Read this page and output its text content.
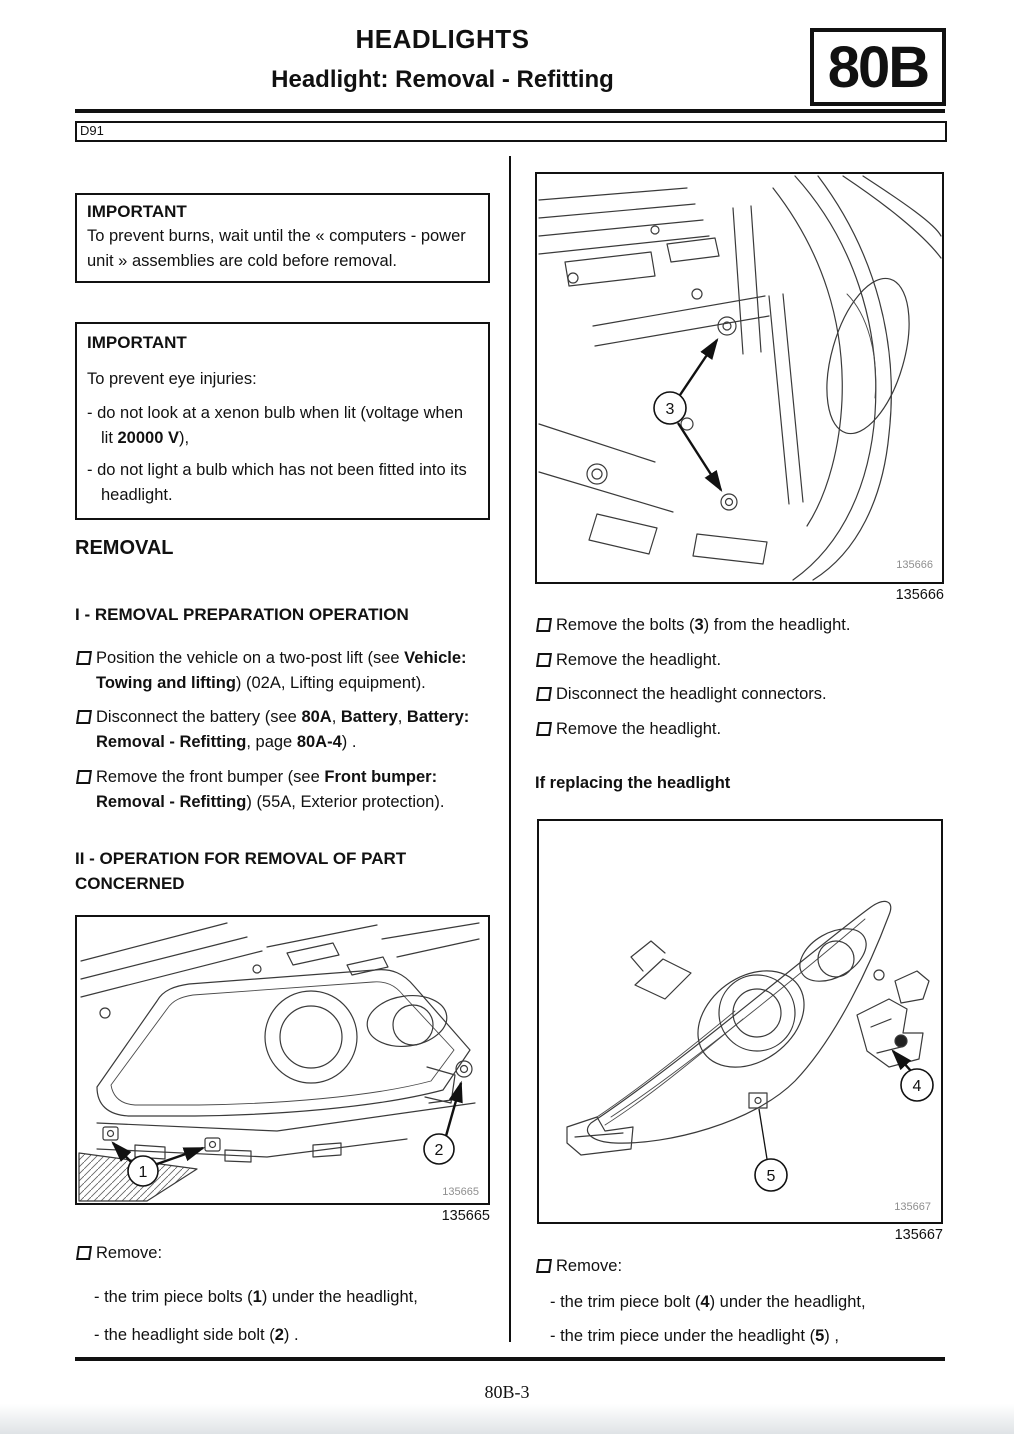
HEADLIGHTS
Headlight: Removal - Refitting	80B
D91
IMPORTANT
To prevent burns, wait until the « computers - power unit » assemblies are cold before removal.
IMPORTANT
To prevent eye injuries:
- do not look at a xenon bulb when lit (voltage when lit 20000 V),
- do not light a bulb which has not been fitted into its headlight.
REMOVAL
I - REMOVAL PREPARATION OPERATION
Position the vehicle on a two-post lift (see Vehicle: Towing and lifting) (02A, Lifting equipment).
Disconnect the battery (see 80A, Battery, Battery: Removal - Refitting, page 80A-4) .
Remove the front bumper (see Front bumper: Removal - Refitting) (55A, Exterior protection).
II - OPERATION FOR REMOVAL OF PART CONCERNED
1
2
135665
135665
Remove:
- the trim piece bolts (1) under the headlight,
- the headlight side bolt (2) .
3
135666
135666
Remove the bolts (3) from the headlight.
Remove the headlight.
Disconnect the headlight connectors.
Remove the headlight.
If replacing the headlight
4
5
135667
135667
Remove:
- the trim piece bolt (4) under the headlight,
- the trim piece under the headlight (5) ,
80B-3
